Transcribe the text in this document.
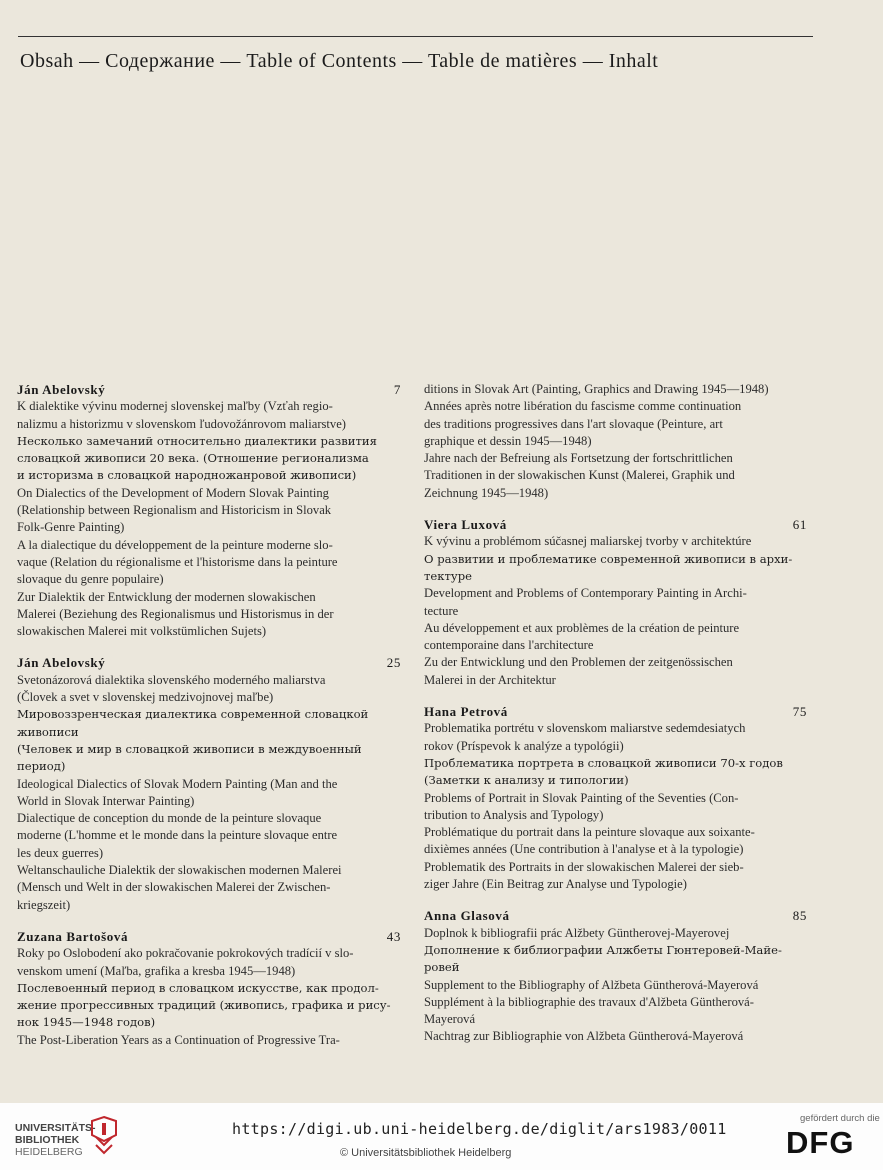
Obsah — Содержание — Table of Contents — Table de matières — Inhalt
Ján Abelovský	7
K dialektike vývinu modernej slovenskej maľby (Vzťah regio-
nalizmu a historizmu v slovenskom ľudovožánrovom maliarstve)
Несколько замечаний относительно диалектики развития
словацкой живописи 20 века. (Отношение регионализма
и историзма в словацкой народножанровой живописи)
On Dialectics of the Development of Modern Slovak Painting
(Relationship between Regionalism and Historicism in Slovak
Folk-Genre Painting)
A la dialectique du développement de la peinture moderne slo-
vaque (Relation du régionalisme et l'historisme dans la peinture
slovaque du genre populaire)
Zur Dialektik der Entwicklung der modernen slowakischen
Malerei (Beziehung des Regionalismus und Historismus in der
slowakischen Malerei mit volkstümlichen Sujets)
Ján Abelovský	25
Svetonázorová dialektika slovenského moderného maliarstva
(Človek a svet v slovenskej medzivojnovej maľbe)
Мировоззренческая диалектика современной словацкой
живописи
(Человек и мир в словацкой живописи в междувоенный
период)
Ideological Dialectics of Slovak Modern Painting (Man and the
World in Slovak Interwar Painting)
Dialectique de conception du monde de la peinture slovaque
moderne (L'homme et le monde dans la peinture slovaque entre
les deux guerres)
Weltanschauliche Dialektik der slowakischen modernen Malerei
(Mensch und Welt in der slowakischen Malerei der Zwischen-
kriegszeit)
Zuzana Bartošová	43
Roky po Oslobodení ako pokračovanie pokrokových tradícií v slo-
venskom umení (Maľba, grafika a kresba 1945—1948)
Послевоенный период в словацком искусстве, как продол-
жение прогрессивных традиций (живопись, графика и рису-
нок 1945—1948 годов)
The Post-Liberation Years as a Continuation of Progressive Tra-
ditions in Slovak Art (Painting, Graphics and Drawing 1945—1948)
Années après notre libération du fascisme comme continuation
des traditions progressives dans l'art slovaque (Peinture, art
graphique et dessin 1945—1948)
Jahre nach der Befreiung als Fortsetzung der fortschrittlichen
Traditionen in der slowakischen Kunst (Malerei, Graphik und
Zeichnung 1945—1948)
Viera Luxová	61
K vývinu a problémom súčasnej maliarskej tvorby v architektúre
О развитии и проблематике современной живописи в архи-
тектуре
Development and Problems of Contemporary Painting in Archi-
tecture
Au développement et aux problèmes de la création de peinture
contemporaine dans l'architecture
Zu der Entwicklung und den Problemen der zeitgenössischen
Malerei in der Architektur
Hana Petrová	75
Problematika portrétu v slovenskom maliarstve sedemdesiatych
rokov (Príspevok k analýze a typológii)
Проблематика портрета в словацкой живописи 70-х годов
(Заметки к анализу и типологии)
Problems of Portrait in Slovak Painting of the Seventies (Con-
tribution to Analysis and Typology)
Problématique du portrait dans la peinture slovaque aux soixante-
dixièmes années (Une contribution à l'analyse et à la typologie)
Problematik des Portraits in der slowakischen Malerei der sieb-
ziger Jahre (Ein Beitrag zur Analyse und Typologie)
Anna Glasová	85
Doplnok k bibliografii prác Alžbety Güntherovej-Mayerovej
Дополнение к библиографии Алжбеты Гюнтеровей-Майе-
ровей
Supplement to the Bibliography of Alžbeta Güntherová-Mayerová
Supplément à la bibliographie des travaux d'Alžbeta Güntherová-
Mayerová
Nachtrag zur Bibliographie von Alžbeta Güntherová-Mayerová
UNIVERSITÄTS-
BIBLIOTHEK
HEIDELBERG
https://digi.ub.uni-heidelberg.de/diglit/ars1983/0011
© Universitätsbibliothek Heidelberg
gefördert durch die
DFG
